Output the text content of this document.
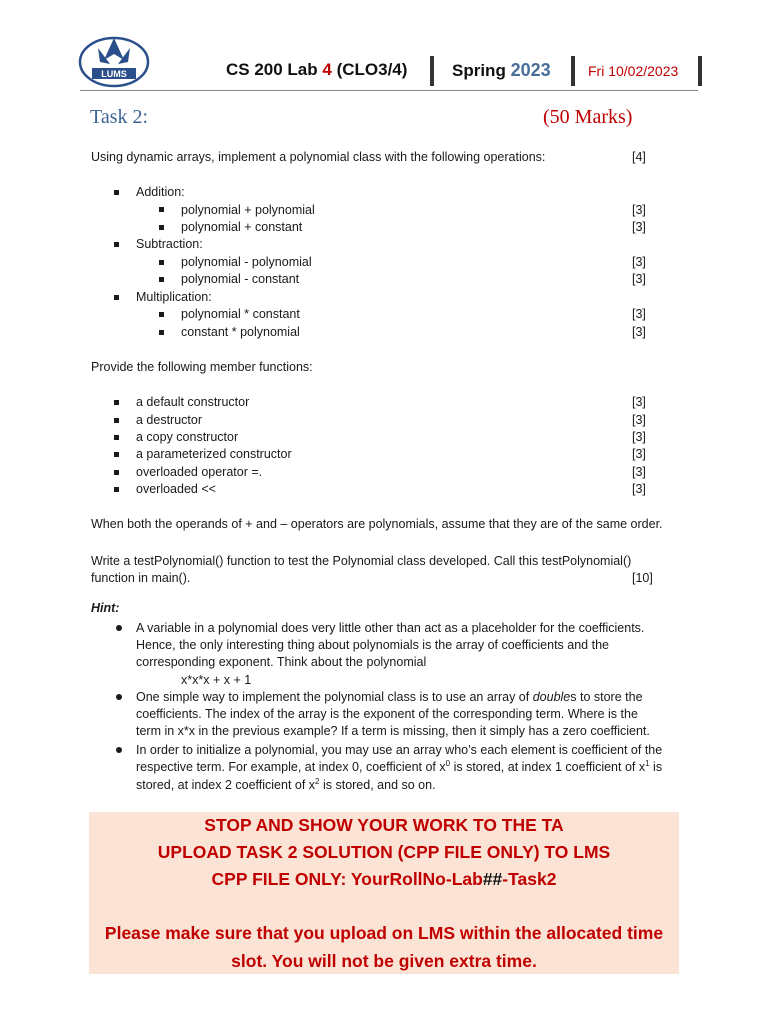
LUMS	CS 200 Lab 4 (CLO3/4)	Spring 2023	Fri 10/02/2023
Task 2:	(50 Marks)
Using dynamic arrays, implement a polynomial class with the following operations:	[4]
Addition:
polynomial + polynomial	[3]
polynomial + constant	[3]
Subtraction:
polynomial - polynomial	[3]
polynomial - constant	[3]
Multiplication:
polynomial * constant	[3]
constant * polynomial	[3]
Provide the following member functions:
a default constructor	[3]
a destructor	[3]
a copy constructor	[3]
a parameterized constructor	[3]
overloaded operator =.	[3]
overloaded <<	[3]
When both the operands of + and – operators are polynomials, assume that they are of the same order.
Write a testPolynomial() function to test the Polynomial class developed. Call this testPolynomial()
function in main().	[10]
Hint:
A variable in a polynomial does very little other than act as a placeholder for the coefficients.
Hence, the only interesting thing about polynomials is the array of coefficients and the
corresponding exponent. Think about the polynomial
x*x*x + x + 1
One simple way to implement the polynomial class is to use an array of doubles to store the
coefficients. The index of the array is the exponent of the corresponding term. Where is the
term in x*x in the previous example? If a term is missing, then it simply has a zero coefficient.
In order to initialize a polynomial, you may use an array who’s each element is coefficient of the
respective term. For example, at index 0, coefficient of $x^0$ is stored, at index 1 coefficient of $x^1$ is
stored, at index 2 coefficient of $x^2$ is stored, and so on.
STOP AND SHOW YOUR WORK TO THE TA
UPLOAD TASK 2 SOLUTION (CPP FILE ONLY) TO LMS
CPP FILE ONLY: YourRollNo-Lab##-Task2
Please make sure that you upload on LMS within the allocated time
slot. You will not be given extra time.
